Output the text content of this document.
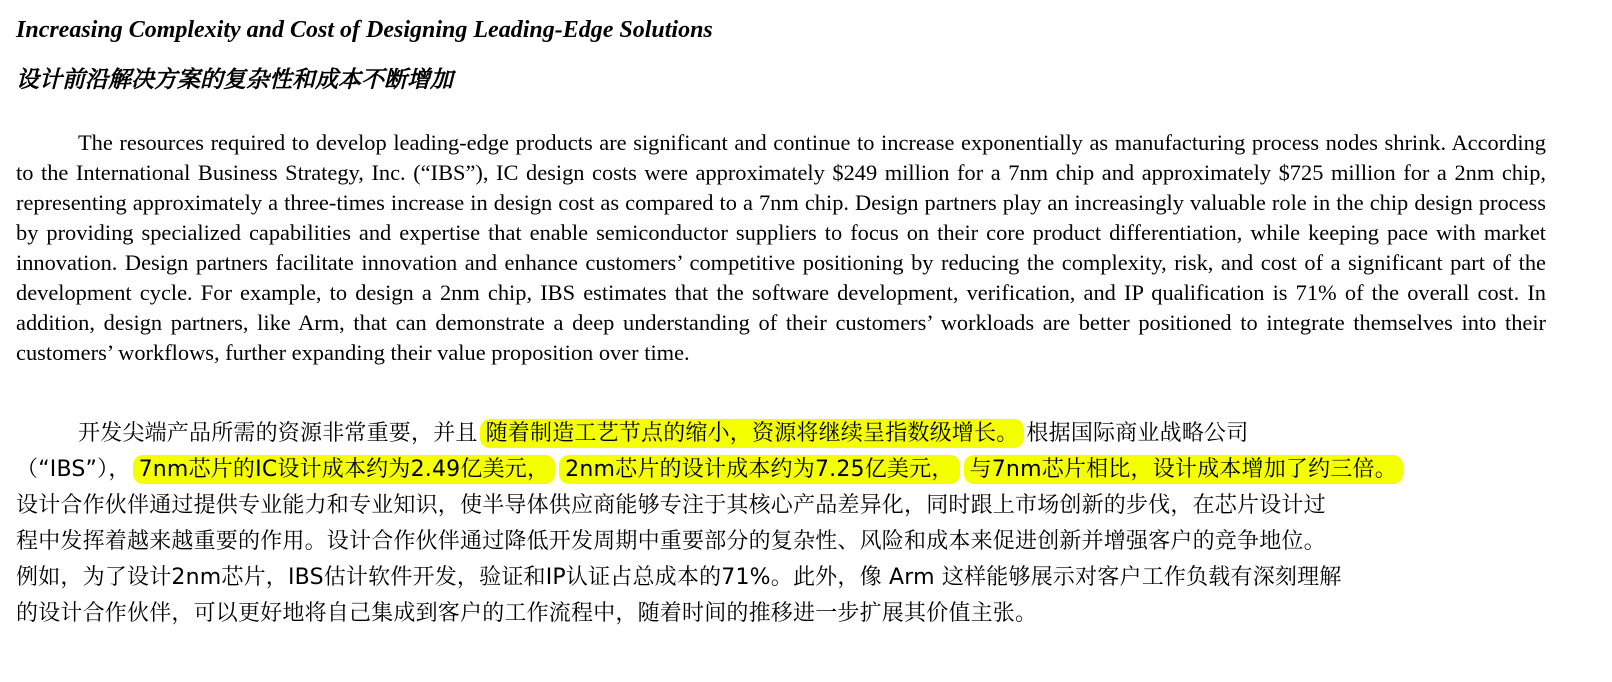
Increasing Complexity and Cost of Designing Leading-Edge Solutions
设计前沿解决方案的复杂性和成本不断增加

The resources required to develop leading-edge products are significant and continue to increase exponentially as manufacturing process nodes shrink. According to the International Business Strategy, Inc. (“IBS”), IC design costs were approximately $249 million for a 7nm chip and approximately $725 million for a 2nm chip, representing approximately a three-times increase in design cost as compared to a 7nm chip. Design partners play an increasingly valuable role in the chip design process by providing specialized capabilities and expertise that enable semiconductor suppliers to focus on their core product differentiation, while keeping pace with market innovation. Design partners facilitate innovation and enhance customers’ competitive positioning by reducing the complexity, risk, and cost of a significant part of the development cycle. For example, to design a 2nm chip, IBS estimates that the software development, verification, and IP qualification is 71% of the overall cost. In addition, design partners, like Arm, that can demonstrate a deep understanding of their customers’ workloads are better positioned to integrate themselves into their customers’ workflows, further expanding their value proposition over time.

开发尖端产品所需的资源非常重要，并且 随着制造工艺节点的缩小，资源将继续呈指数级增长。 根据国际商业战略公司
（“IBS”）， 7nm芯片的IC设计成本约为2.49亿美元， 2nm芯片的设计成本约为7.25亿美元， 与7nm芯片相比，设计成本增加了约三倍。
设计合作伙伴通过提供专业能力和专业知识，使半导体供应商能够专注于其核心产品差异化，同时跟上市场创新的步伐，在芯片设计过
程中发挥着越来越重要的作用。设计合作伙伴通过降低开发周期中重要部分的复杂性、风险和成本来促进创新并增强客户的竞争地位。
例如，为了设计2nm芯片，IBS估计软件开发，验证和IP认证占总成本的71%。此外，像 Arm 这样能够展示对客户工作负载有深刻理解
的设计合作伙伴，可以更好地将自己集成到客户的工作流程中，随着时间的推移进一步扩展其价值主张。
